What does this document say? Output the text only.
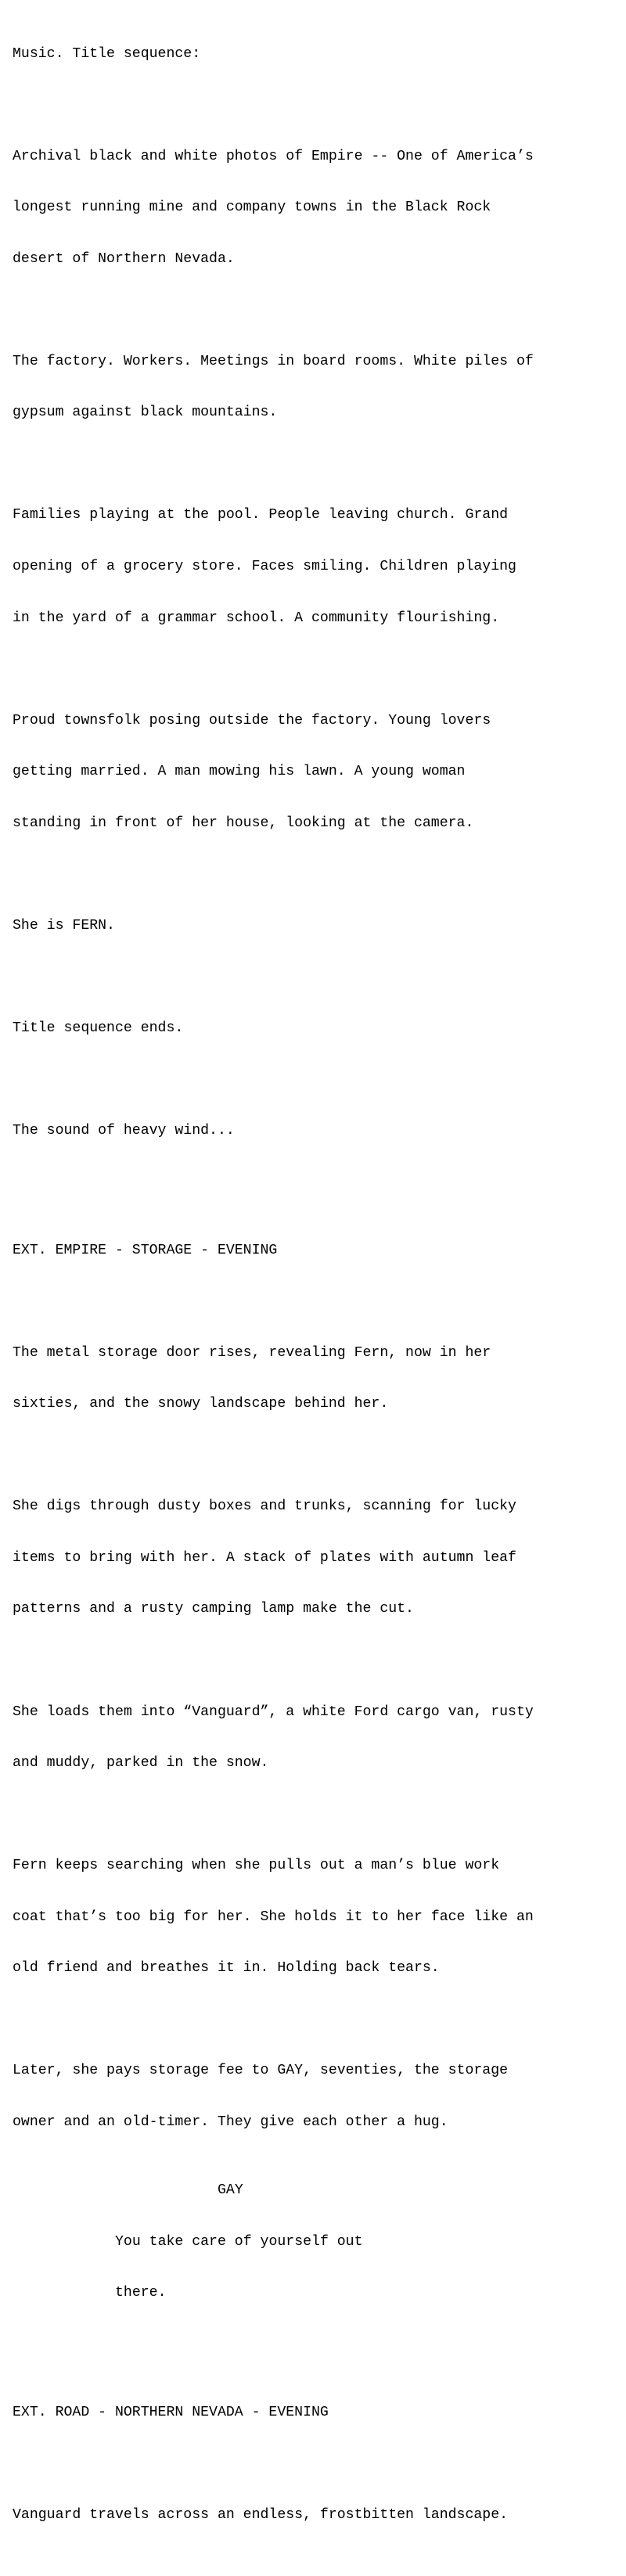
Music. Title sequence:

Archival black and white photos of Empire -- One of America’s

longest running mine and company towns in the Black Rock

desert of Northern Nevada.

The factory. Workers. Meetings in board rooms. White piles of

gypsum against black mountains.

Families playing at the pool. People leaving church. Grand

opening of a grocery store. Faces smiling. Children playing

in the yard of a grammar school. A community flourishing.

Proud townsfolk posing outside the factory. Young lovers

getting married. A man mowing his lawn. A young woman

standing in front of her house, looking at the camera.

She is FERN.

Title sequence ends.

The sound of heavy wind...

EXT. EMPIRE - STORAGE - EVENING

The metal storage door rises, revealing Fern, now in her

sixties, and the snowy landscape behind her.

She digs through dusty boxes and trunks, scanning for lucky

items to bring with her. A stack of plates with autumn leaf

patterns and a rusty camping lamp make the cut.

She loads them into “Vanguard”, a white Ford cargo van, rusty

and muddy, parked in the snow.

Fern keeps searching when she pulls out a man’s blue work

coat that’s too big for her. She holds it to her face like an

old friend and breathes it in. Holding back tears.

Later, she pays storage fee to GAY, seventies, the storage

owner and an old-timer. They give each other a hug.

GAY

You take care of yourself out

there.

EXT. ROAD - NORTHERN NEVADA - EVENING

Vanguard travels across an endless, frostbitten landscape.
